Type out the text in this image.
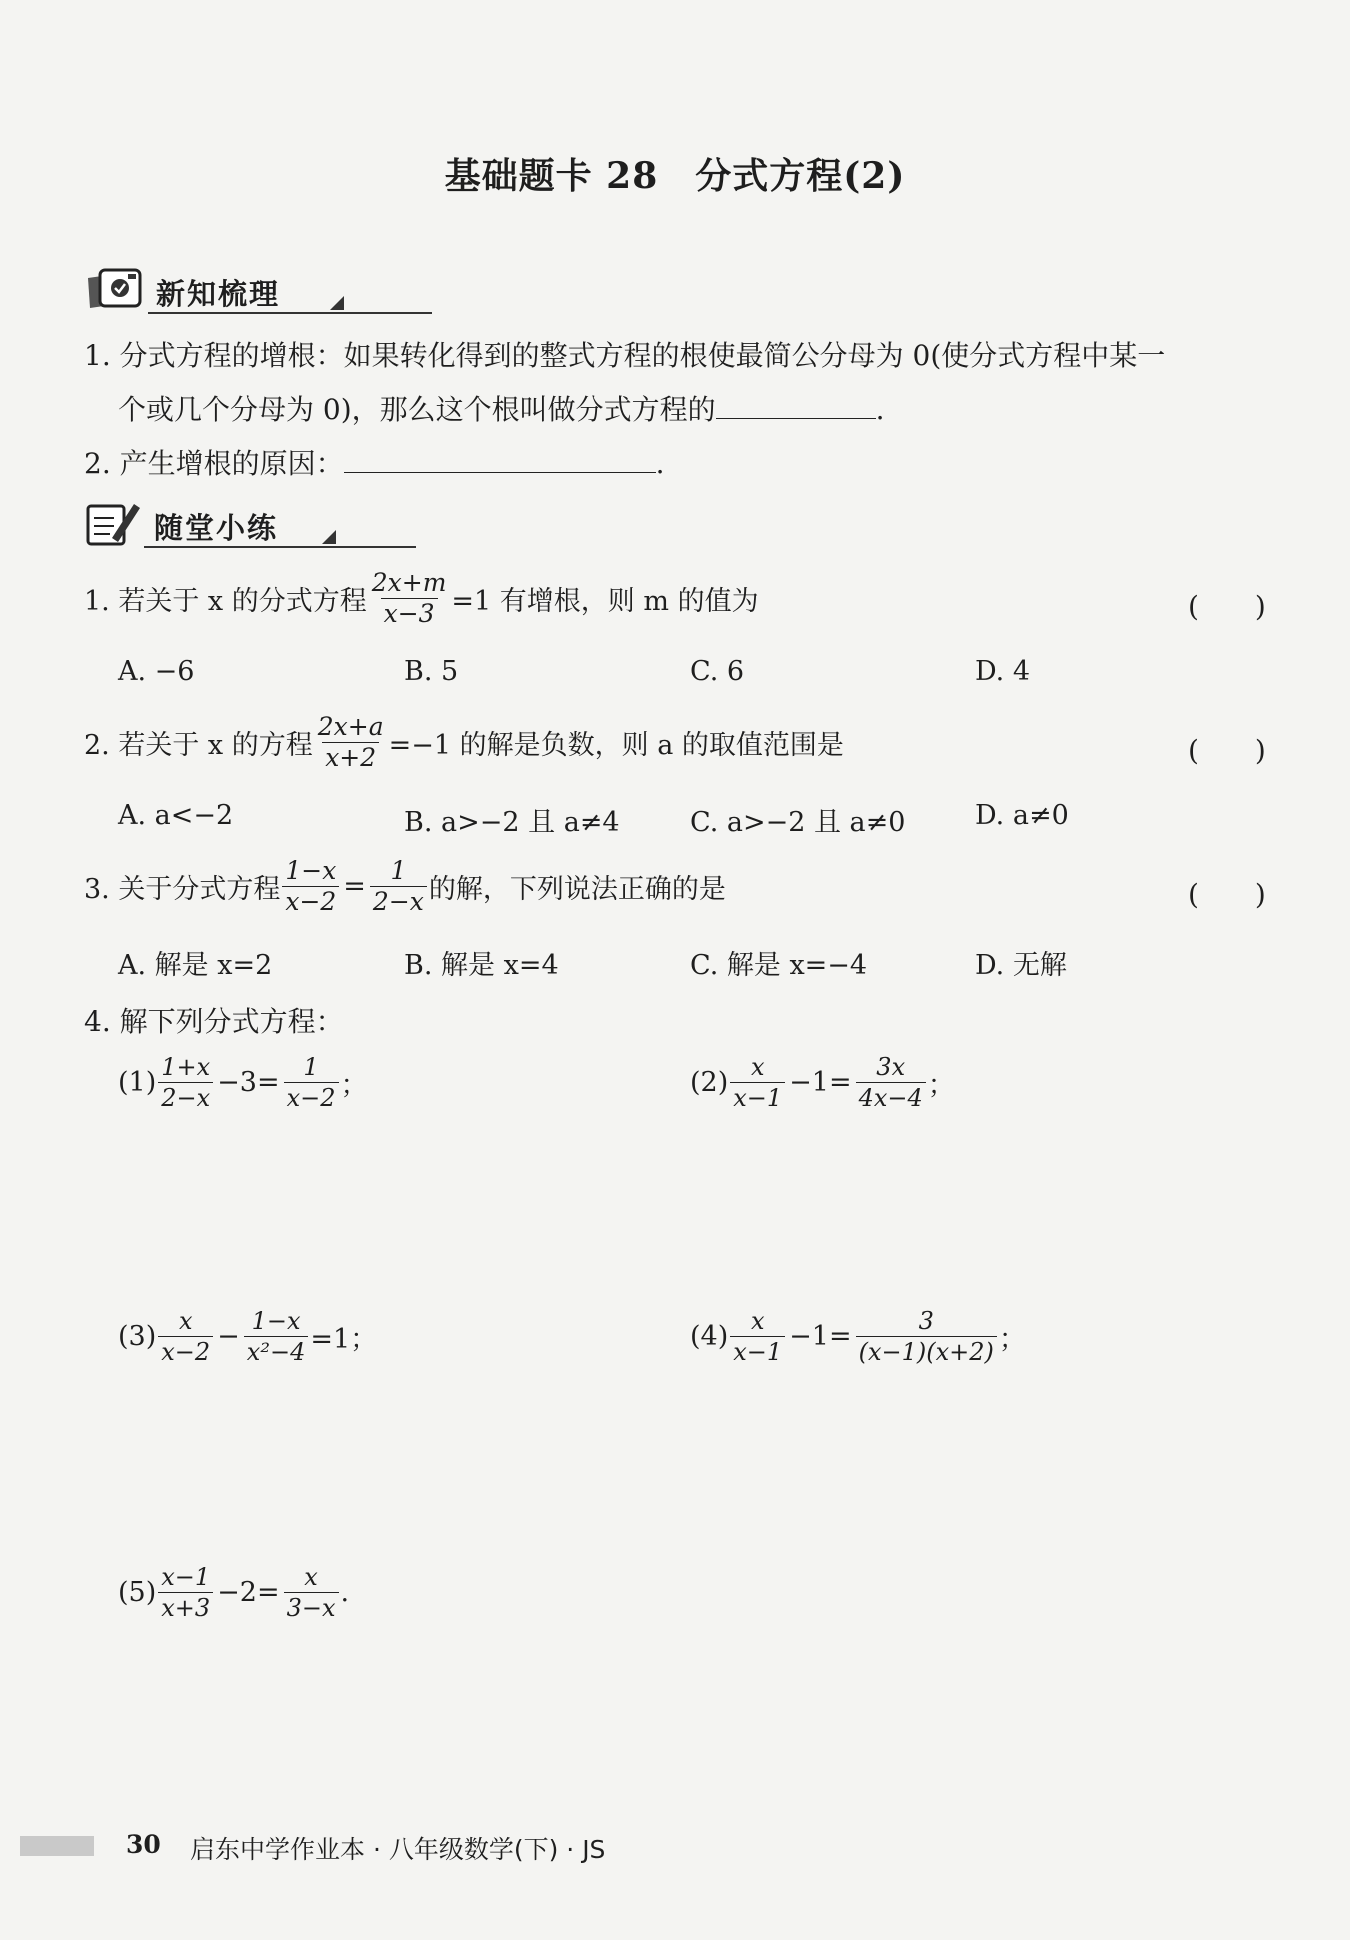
基础题卡 28　分式方程(2)
新知梳理
1. 分式方程的增根：如果转化得到的整式方程的根使最简公分母为 0(使分式方程中某一
个或几个分母为 0)，那么这个根叫做分式方程的	.
2. 产生增根的原因：	.
随堂小练
1. 若关于 x 的分式方程 $\frac{2x+m}{x-3} =1$ 有增根，则 m 的值为	(　　)
A. −6	B. 5	C. 6	D. 4
2. 若关于 x 的方程 $\frac{2x+a}{x+2} =-1$ 的解是负数，则 a 的取值范围是	(　　)
A. a<−2	B. a>−2 且 a≠4	C. a>−2 且 a≠0	D. a≠0
3. 关于分式方程 $\frac{1-x}{x-2} = \frac{1}{2-x}$ 的解，下列说法正确的是	(　　)
A. 解是 x=2	B. 解是 x=4	C. 解是 x=−4	D. 无解
4. 解下列分式方程：
$(1) \frac{1+x}{2-x} -3= \frac{1}{x-2}$ ；	$(2) \frac{x}{x-1} -1= \frac{3x}{4x-4}$ ；
$(3) \frac{x}{x-2} - \frac{1-x}{\text{x²−4}} =1$；	$(4) \frac{x}{x-1} -1= \frac{3}{(x-1)(x+2)}$ ；
$(5) \frac{x-1}{x+3} -2= \frac{x}{3-x}$ .
30 启东中学作业本 · 八年级数学(下) · JS
